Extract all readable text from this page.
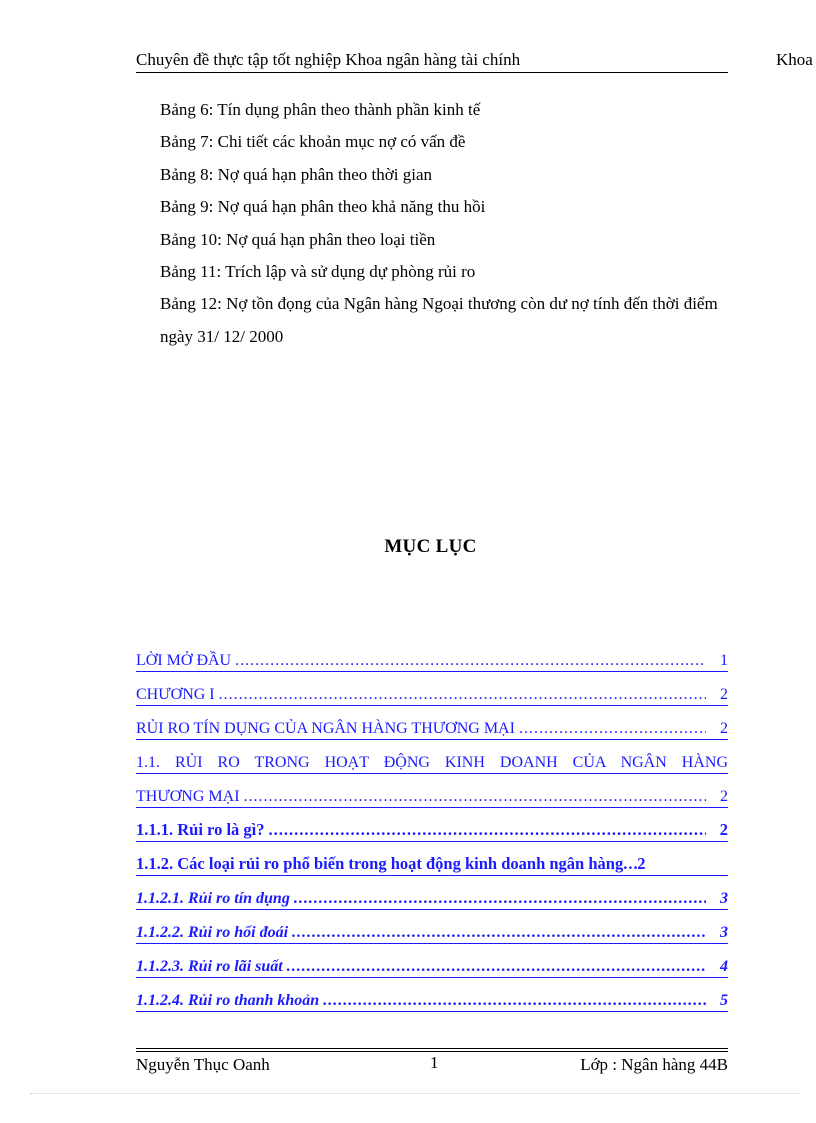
Chuyên đề thực tập tốt nghiệp Khoa ngân hàng tài chính	Khoa
Bảng 6: Tín dụng phân theo thành phần kinh tế
Bảng 7: Chi tiết các khoản mục nợ có vấn đề
Bảng 8: Nợ quá hạn phân theo thời gian
Bảng 9: Nợ quá hạn phân theo khả năng thu hồi
Bảng 10: Nợ quá hạn phân theo loại tiền
Bảng 11: Trích lập và sử dụng dự phòng rủi ro
Bảng 12: Nợ tồn đọng của Ngân hàng Ngoại thương còn dư nợ tính đến thời điểm ngày 31/ 12/ 2000
MỤC LỤC
LỜI MỞ ĐẦU .....	1
CHƯƠNG I .....	2
RỦI RO TÍN DỤNG CỦA NGÂN HÀNG THƯƠNG MẠI .....	2
1.1. RỦI RO TRONG HOẠT ĐỘNG KINH DOANH CỦA NGÂN HÀNG
THƯƠNG MẠI .....	2
1.1.1. Rủi ro là gì? .....	2
1.1.2. Các loại rủi ro phổ biến trong hoạt động kinh doanh ngân hàng ..... 2
1.1.2.1. Rủi ro tín dụng .....	3
1.1.2.2. Rủi ro hối đoái .....	3
1.1.2.3. Rủi ro lãi suất .....	4
1.1.2.4. Rủi ro thanh khoản .....	5
Nguyễn Thục Oanh	1	Lớp : Ngân hàng 44B
